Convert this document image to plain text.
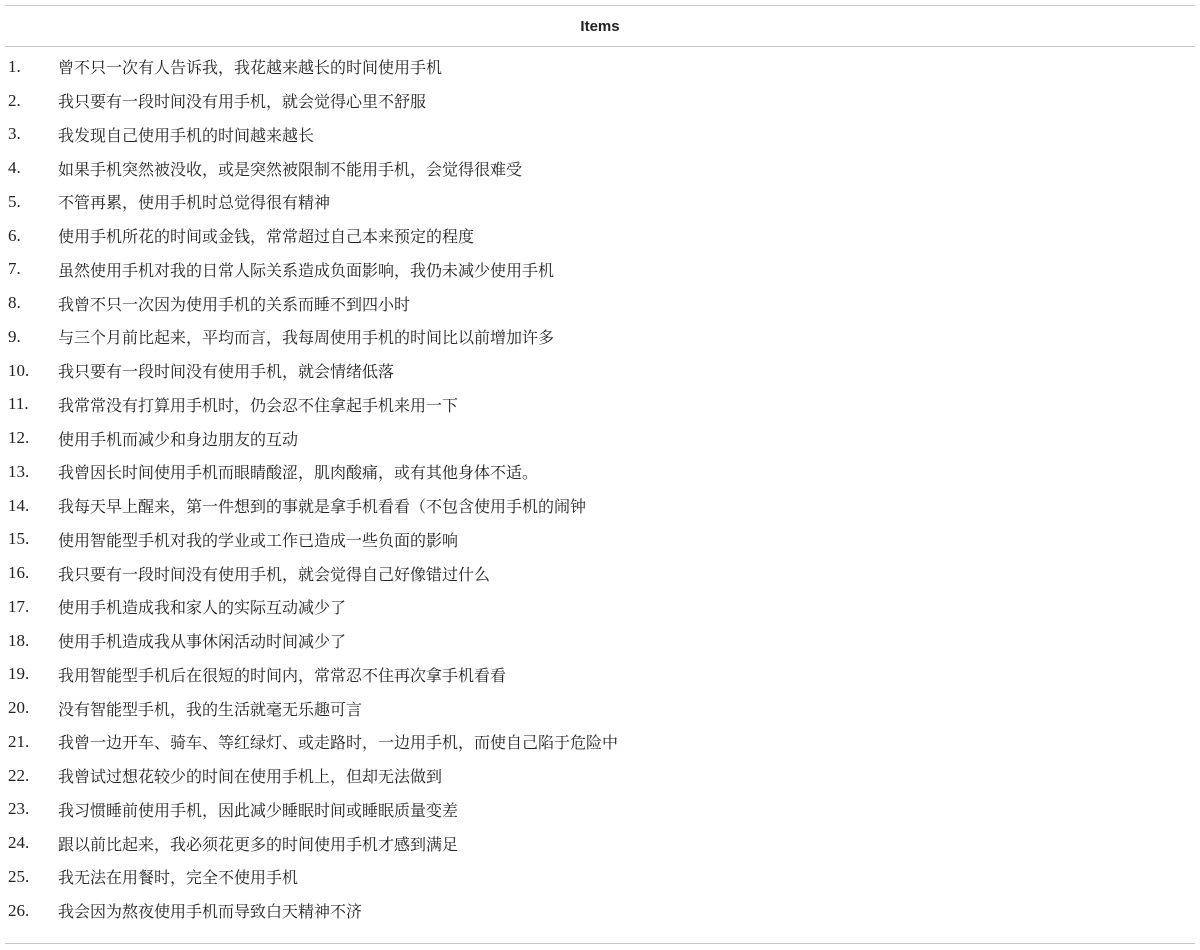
Items
1.	曾不只一次有人告诉我，我花越来越长的时间使用手机
2.	我只要有一段时间没有用手机，就会觉得心里不舒服
3.	我发现自己使用手机的时间越来越长
4.	如果手机突然被没收，或是突然被限制不能用手机，会觉得很难受
5.	不管再累，使用手机时总觉得很有精神
6.	使用手机所花的时间或金钱，常常超过自己本来预定的程度
7.	虽然使用手机对我的日常人际关系造成负面影响，我仍未减少使用手机
8.	我曾不只一次因为使用手机的关系而睡不到四小时
9.	与三个月前比起来，平均而言，我每周使用手机的时间比以前增加许多
10.	我只要有一段时间没有使用手机，就会情绪低落
11.	我常常没有打算用手机时，仍会忍不住拿起手机来用一下
12.	使用手机而减少和身边朋友的互动
13.	我曾因长时间使用手机而眼睛酸涩，肌肉酸痛，或有其他身体不适。
14.	我每天早上醒来，第一件想到的事就是拿手机看看（不包含使用手机的闹钟
15.	使用智能型手机对我的学业或工作已造成一些负面的影响
16.	我只要有一段时间没有使用手机，就会觉得自己好像错过什么
17.	使用手机造成我和家人的实际互动减少了
18.	使用手机造成我从事休闲活动时间减少了
19.	我用智能型手机后在很短的时间内，常常忍不住再次拿手机看看
20.	没有智能型手机，我的生活就毫无乐趣可言
21.	我曾一边开车、骑车、等红绿灯、或走路时，一边用手机，而使自己陷于危险中
22.	我曾试过想花较少的时间在使用手机上，但却无法做到
23.	我习惯睡前使用手机，因此减少睡眠时间或睡眠质量变差
24.	跟以前比起来，我必须花更多的时间使用手机才感到满足
25.	我无法在用餐时，完全不使用手机
26.	我会因为熬夜使用手机而导致白天精神不济
